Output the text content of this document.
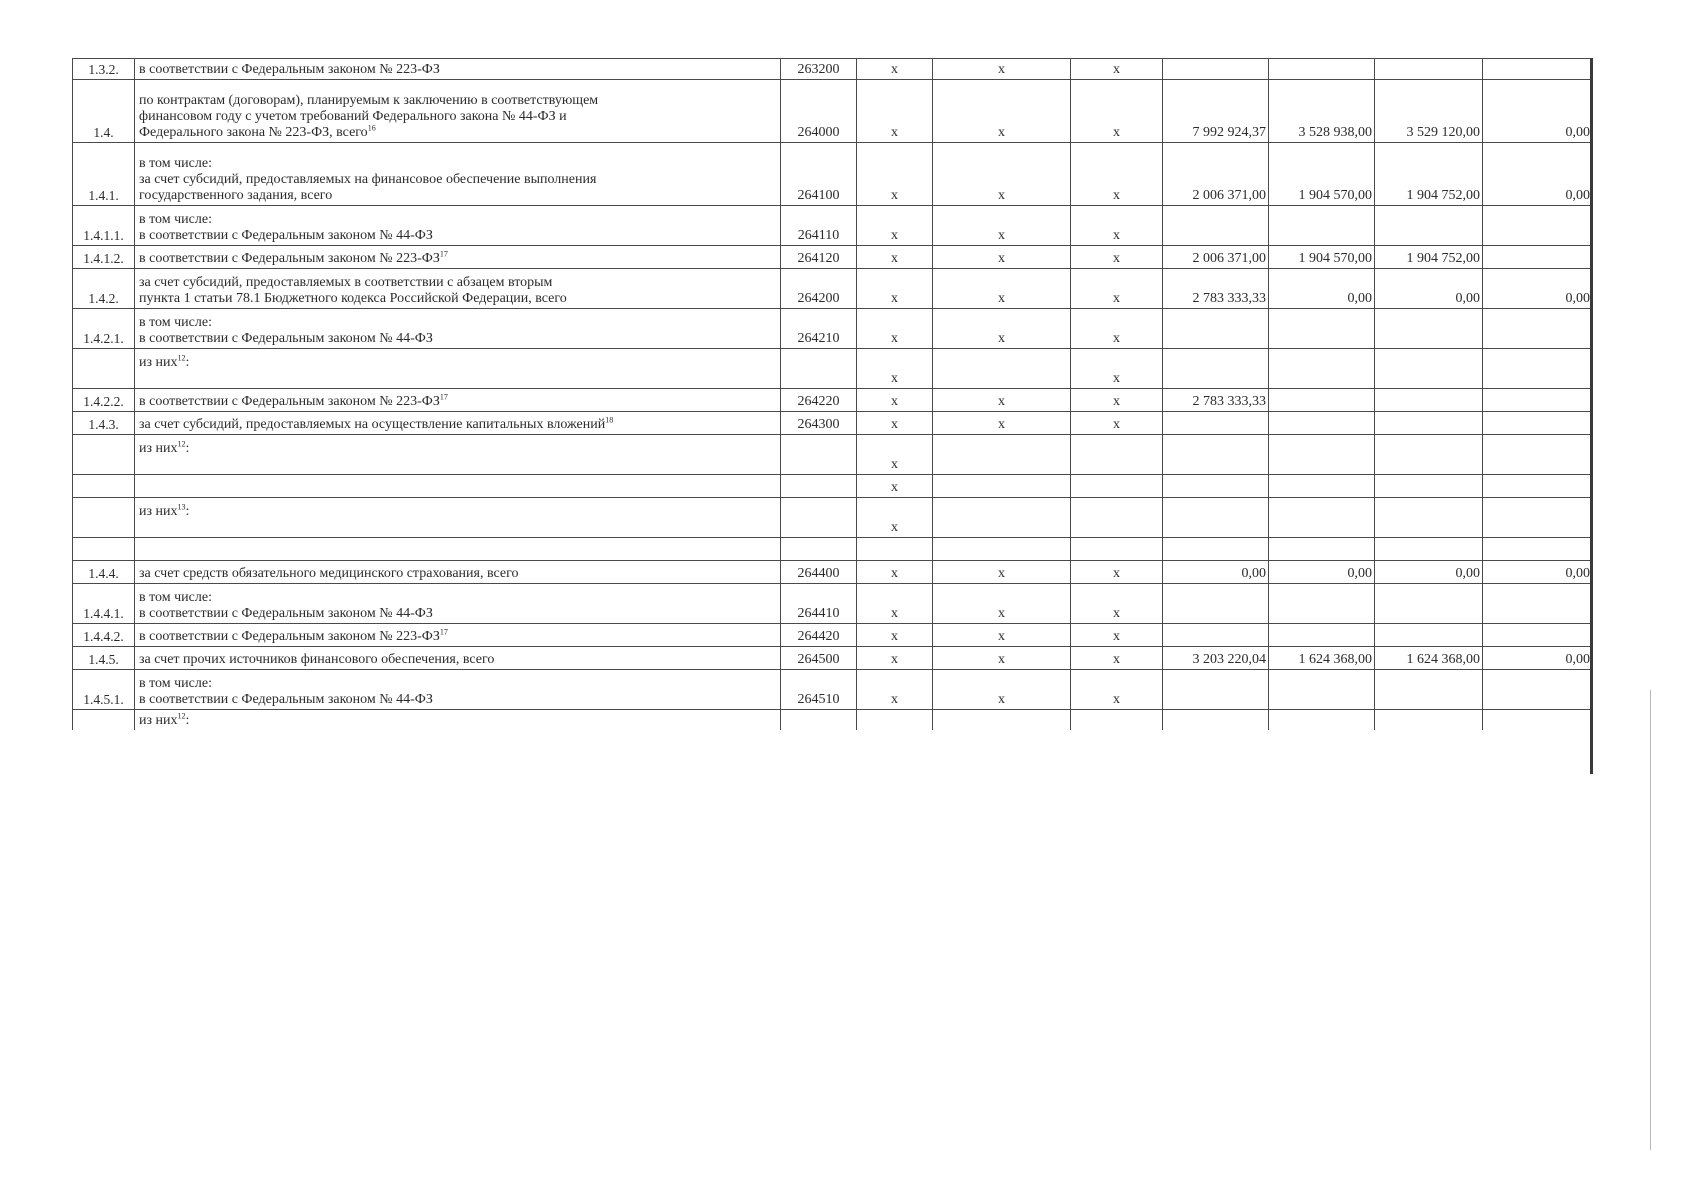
1.3.2.	в соответствии с Федеральным законом № 223-ФЗ	263200	х	х	х				
1.4.	по контрактам (договорам), планируемым к заключению в соответствующем
финансовом году с учетом требований Федерального закона № 44-ФЗ и
Федерального закона № 223-ФЗ, всего$^{16}$	264000	х	х	х	7 992 924,37	3 528 938,00	3 529 120,00	0,00
1.4.1.	в том числе:
за счет субсидий, предоставляемых на финансовое обеспечение выполнения
государственного задания, всего	264100	х	х	х	2 006 371,00	1 904 570,00	1 904 752,00	0,00
1.4.1.1.	в том числе:
в соответствии с Федеральным законом № 44-ФЗ	264110	х	х	х				
1.4.1.2.	в соответствии с Федеральным законом № 223-ФЗ$^{17}$	264120	х	х	х	2 006 371,00	1 904 570,00	1 904 752,00	
1.4.2.	за счет субсидий, предоставляемых в соответствии с абзацем вторым
пункта 1 статьи 78.1 Бюджетного кодекса Российской Федерации, всего	264200	х	х	х	2 783 333,33	0,00	0,00	0,00
1.4.2.1.	в том числе:
в соответствии с Федеральным законом № 44-ФЗ	264210	х	х	х				

	из них$^{12}$:		х		х				
1.4.2.2.	в соответствии с Федеральным законом № 223-ФЗ$^{17}$	264220	х	х	х	2 783 333,33			
1.4.3.	за счет субсидий, предоставляемых на осуществление капитальных вложений$^{18}$	264300	х	х	х				

	из них$^{12}$:		х						

		х						

	из них$^{13}$:		х						

1.4.4.	за счет средств обязательного медицинского страхования, всего	264400	х	х	х	0,00	0,00	0,00	0,00
1.4.4.1.	в том числе:
в соответствии с Федеральным законом № 44-ФЗ	264410	х	х	х				
1.4.4.2.	в соответствии с Федеральным законом № 223-ФЗ$^{17}$	264420	х	х	х				
1.4.5.	за счет прочих источников финансового обеспечения, всего	264500	х	х	х	3 203 220,04	1 624 368,00	1 624 368,00	0,00
1.4.5.1.	в том числе:
в соответствии с Федеральным законом № 44-ФЗ	264510	х	х	х				

	из них$^{12}$:								
